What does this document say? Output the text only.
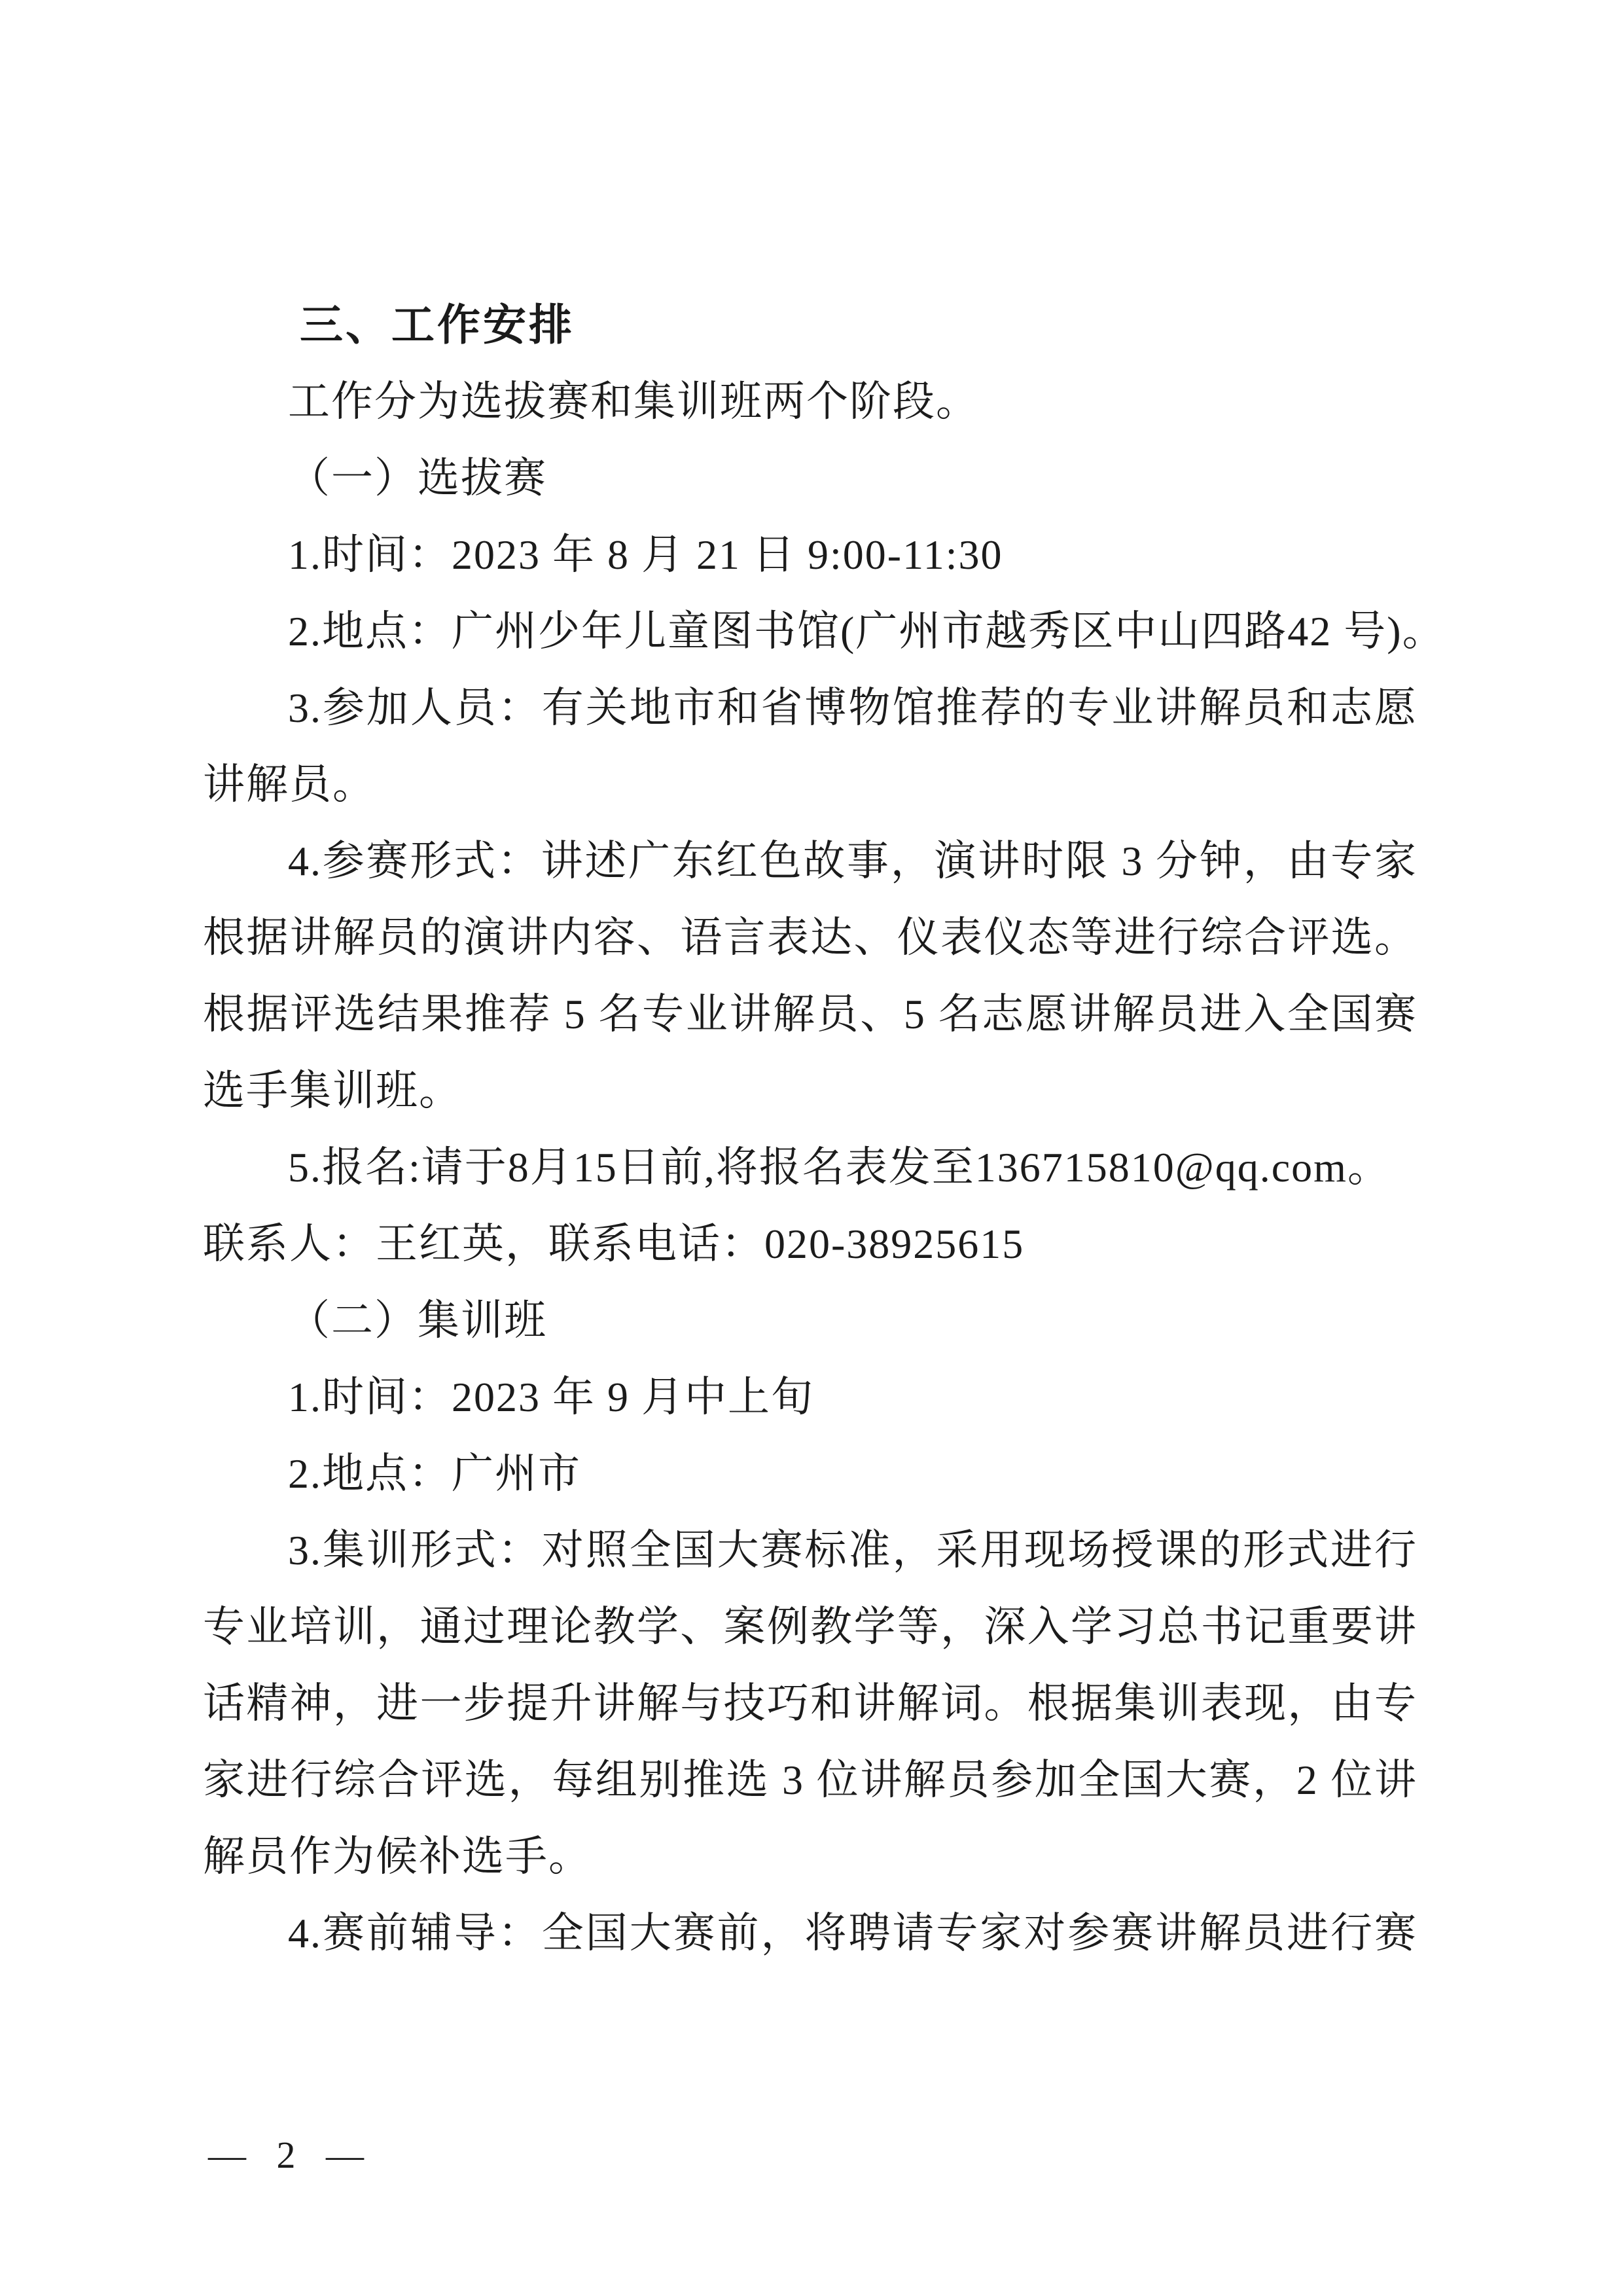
三、工作安排
工作分为选拔赛和集训班两个阶段。
（一）选拔赛
1.时间：2023 年 8 月 21 日 9:00-11:30
2.地点：广州少年儿童图书馆(广州市越秀区中山四路42 号)。
3.参加人员：有关地市和省博物馆推荐的专业讲解员和志愿
讲解员。
4.参赛形式：讲述广东红色故事，演讲时限 3 分钟，由专家
根据讲解员的演讲内容、语言表达、仪表仪态等进行综合评选。
根据评选结果推荐 5 名专业讲解员、5 名志愿讲解员进入全国赛
选手集训班。
5.报名:请于8月15日前,将报名表发至136715810@qq.com。
联系人：王红英，联系电话：020-38925615
（二）集训班
1.时间：2023 年 9 月中上旬
2.地点：广州市
3.集训形式：对照全国大赛标准，采用现场授课的形式进行
专业培训，通过理论教学、案例教学等，深入学习总书记重要讲
话精神，进一步提升讲解与技巧和讲解词。根据集训表现，由专
家进行综合评选，每组别推选 3 位讲解员参加全国大赛，2 位讲
解员作为候补选手。
4.赛前辅导：全国大赛前，将聘请专家对参赛讲解员进行赛
— 2 —
